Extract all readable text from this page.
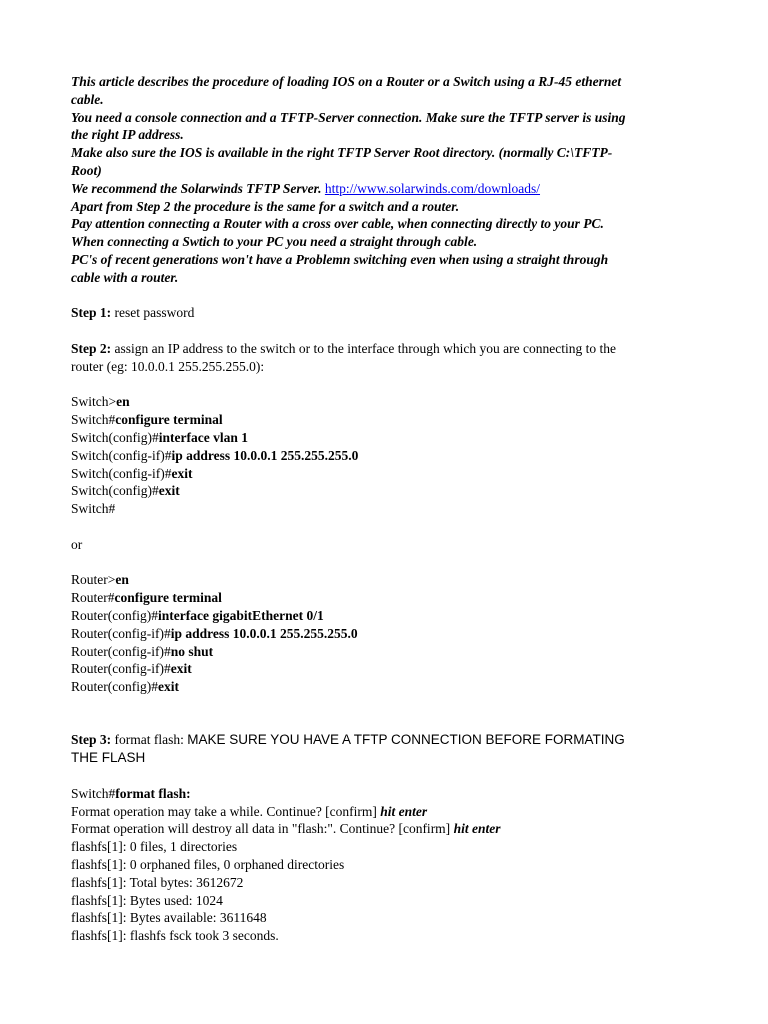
This article describes the procedure of loading IOS on a Router or a Switch using a RJ-45 ethernet
cable.
You need a console connection and a TFTP-Server connection. Make sure the TFTP server is using
the right IP address.
Make also sure the IOS is available in the right TFTP Server Root directory. (normally C:\TFTP-
Root)
We recommend the Solarwinds TFTP Server. http://www.solarwinds.com/downloads/
Apart from Step 2 the procedure is the same for a switch and a router.
Pay attention connecting a Router with a cross over cable, when connecting directly to your PC.
When connecting a Swtich to your PC you need a straight through cable.
PC's of recent generations won't have a Problemn switching even when using a straight through
cable with a router.
Step 1: reset password
Step 2: assign an IP address to the switch or to the interface through which you are connecting to the
router (eg: 10.0.0.1 255.255.255.0):
Switch>en
Switch#configure terminal
Switch(config)#interface vlan 1
Switch(config-if)#ip address 10.0.0.1 255.255.255.0
Switch(config-if)#exit
Switch(config)#exit
Switch#
or
Router>en
Router#configure terminal
Router(config)#interface gigabitEthernet 0/1
Router(config-if)#ip address 10.0.0.1 255.255.255.0
Router(config-if)#no shut
Router(config-if)#exit
Router(config)#exit
Step 3: format flash: MAKE SURE YOU HAVE A TFTP CONNECTION BEFORE FORMATING
THE FLASH
Switch#format flash:
Format operation may take a while. Continue? [confirm] hit enter
Format operation will destroy all data in "flash:". Continue? [confirm] hit enter
flashfs[1]: 0 files, 1 directories
flashfs[1]: 0 orphaned files, 0 orphaned directories
flashfs[1]: Total bytes: 3612672
flashfs[1]: Bytes used: 1024
flashfs[1]: Bytes available: 3611648
flashfs[1]: flashfs fsck took 3 seconds.
